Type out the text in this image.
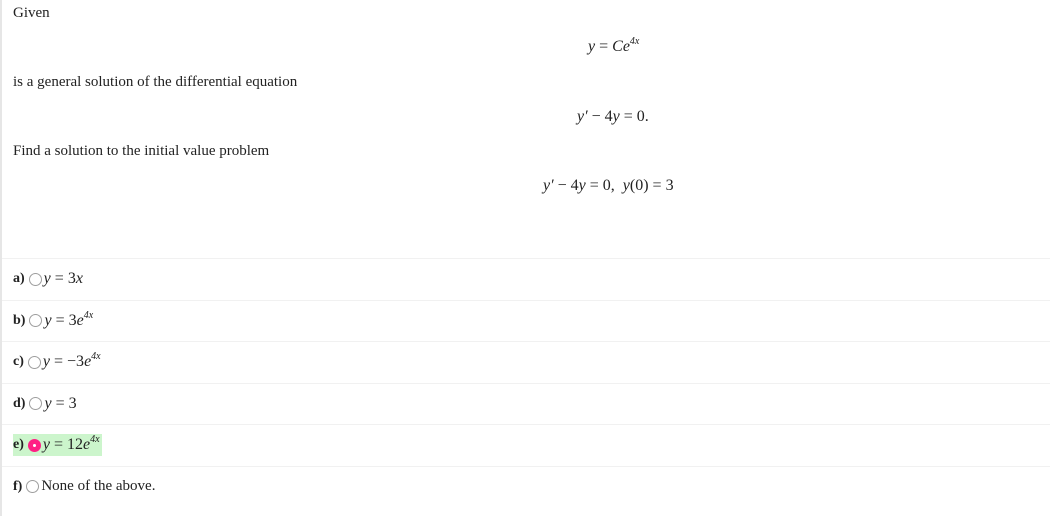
Given
$y = Ce^{4x}$
is a general solution of the differential equation
y′ − 4y = 0.
Find a solution to the initial value problem
y′ − 4y = 0,  y(0) = 3
a) y = 3x
b) $y = 3e^{4x}$
c) $y = -3e^{4x}$
d) y = 3
e) $y = 12e^{4x}$
f) None of the above.
